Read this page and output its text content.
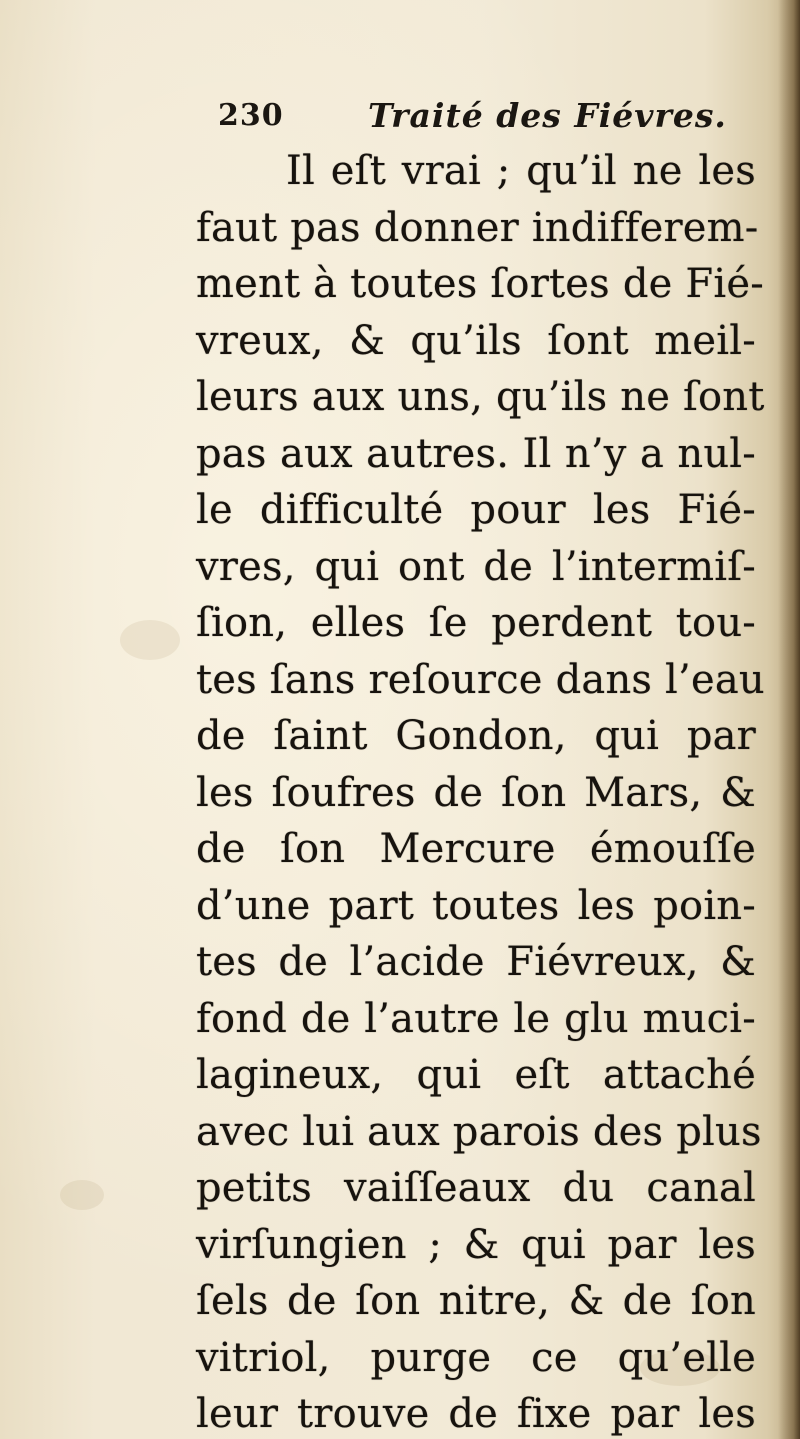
230	Traité des Fiévres.
Il eſt vrai ; qu’il ne les
faut pas donner indifferem-
ment à toutes ſortes de Fié-
vreux, & qu’ils ſont meil-
leurs aux uns, qu’ils ne ſont
pas aux autres. Il n’y a nul-
le difficulté pour les Fié-
vres, qui ont de l’intermiſ-
ſion, elles ſe perdent tou-
tes ſans reſource dans l’eau
de ſaint Gondon, qui par
les ſoufres de ſon Mars, &
de ſon Mercure émouſſe
d’une part toutes les poin-
tes de l’acide Fiévreux, &
fond de l’autre le glu muci-
lagineux, qui eſt attaché
avec lui aux parois des plus
petits vaiſſeaux du canal
virſungien ; & qui par les
ſels de ſon nitre, & de ſon
vitriol, purge ce qu’elle
leur trouve de fixe par les
